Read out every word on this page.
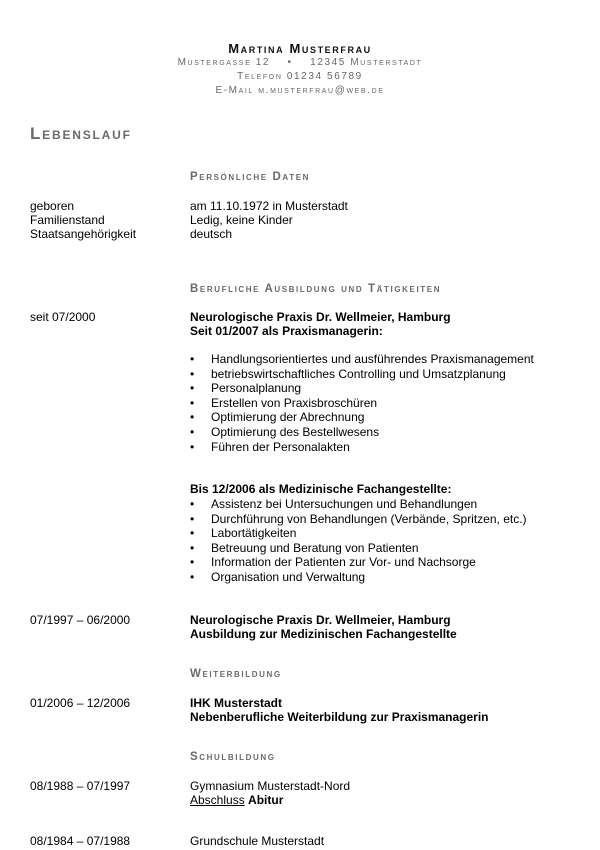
Martina Musterfrau
Mustergasse 12    •    12345 Musterstadt
Telefon 01234 56789
E-Mail m.musterfrau@web.de
Lebenslauf
Persönliche Daten
geboren	am 11.10.1972 in Musterstadt
Familienstand	Ledig, keine Kinder
Staatsangehörigkeit	deutsch
Berufliche Ausbildung und Tätigkeiten
seit 07/2000	Neurologische Praxis Dr. Wellmeier, Hamburg
Seit 01/2007 als Praxismanagerin:
• Handlungsorientiertes und ausführendes Praxismanagement
• betriebswirtschaftliches Controlling und Umsatzplanung
• Personalplanung
• Erstellen von Praxisbroschüren
• Optimierung der Abrechnung
• Optimierung des Bestellwesens
• Führen der Personalakten
Bis 12/2006 als Medizinische Fachangestellte:
• Assistenz bei Untersuchungen und Behandlungen
• Durchführung von Behandlungen (Verbände, Spritzen, etc.)
• Labortätigkeiten
• Betreuung und Beratung von Patienten
• Information der Patienten zur Vor- und Nachsorge
• Organisation und Verwaltung
07/1997 – 06/2000	Neurologische Praxis Dr. Wellmeier, Hamburg
Ausbildung zur Medizinischen Fachangestellte
Weiterbildung
01/2006 – 12/2006	IHK Musterstadt
Nebenberufliche Weiterbildung zur Praxismanagerin
Schulbildung
08/1988 – 07/1997	Gymnasium Musterstadt-Nord
Abschluss Abitur
08/1984 – 07/1988	Grundschule Musterstadt
